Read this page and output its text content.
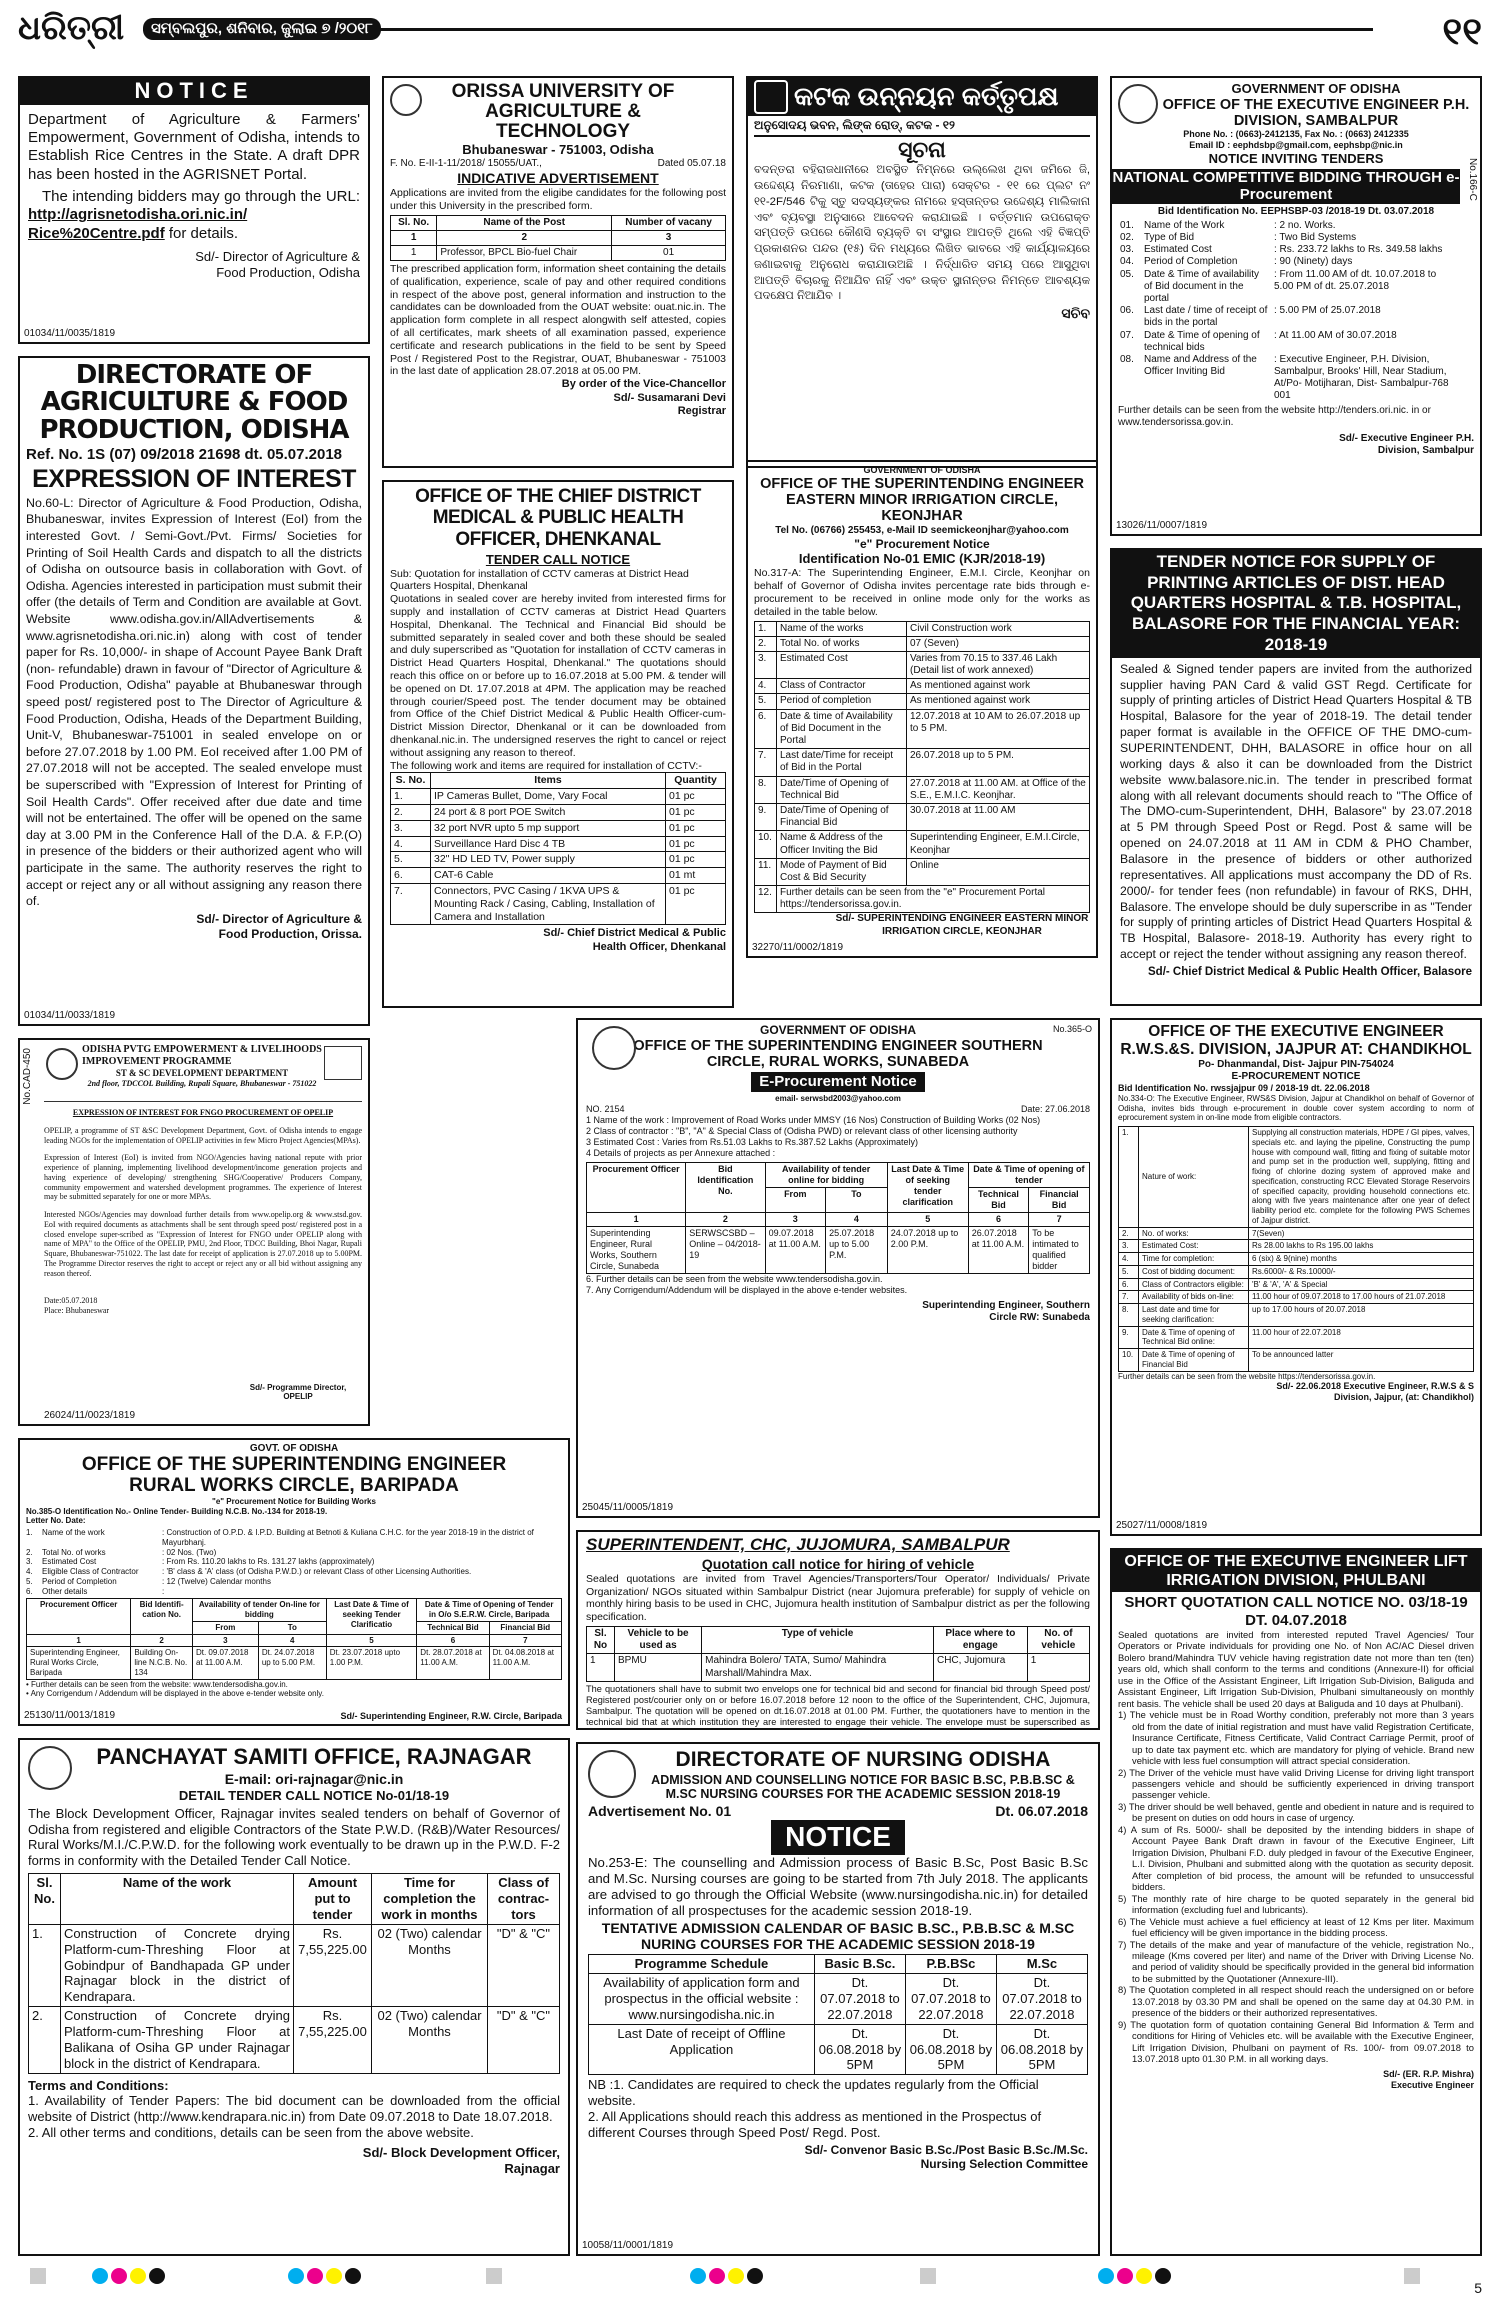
ଧରିତ୍ରୀ	ସମ୍ବଲପୁର, ଶନିବାର, ଜୁଲାଇ ୭ /୨୦୧୮	୧୧
NOTICE
Department of Agriculture & Farmers' Empowerment, Government of Odisha, intends to Establish Rice Centres in the State. A draft DPR has been hosted in the AGRISNET Portal.
The intending bidders may go through the URL: http://agrisnetodisha.ori.nic.in/ Rice%20Centre.pdf for details.
Sd/- Director of Agriculture & Food Production, Odisha
01034/11/0035/1819
DIRECTORATE OF AGRICULTURE & FOOD PRODUCTION, ODISHA
Ref. No. 1S (07) 09/2018 21698 dt. 05.07.2018
EXPRESSION OF INTEREST
No.60-L: Director of Agriculture & Food Production, Odisha, Bhubaneswar, invites Expression of Interest (EoI) from the interested Govt. / Semi-Govt./Pvt. Firms/ Societies for Printing of Soil Health Cards and dispatch to all the districts of Odisha on outsource basis in collaboration with Govt. of Odisha. Agencies interested in participation must submit their offer (the details of Term and Condition are available at Govt. Website www.odisha.gov.in/AllAdvertisements & www.agrisnetodisha.ori.nic.in) along with cost of tender paper for Rs. 10,000/- in shape of Account Payee Bank Draft (non- refundable) drawn in favour of "Director of Agriculture & Food Production, Odisha" payable at Bhubaneswar through speed post/ registered post to The Director of Agriculture & Food Production, Odisha, Heads of the Department Building, Unit-V, Bhubaneswar-751001 in sealed envelope on or before 27.07.2018 by 1.00 PM. EoI received after 1.00 PM of 27.07.2018 will not be accepted. The sealed envelope must be superscribed with "Expression of Interest for Printing of Soil Health Cards". Offer received after due date and time will not be entertained. The offer will be opened on the same day at 3.00 PM in the Conference Hall of the D.A. & F.P.(O) in presence of the bidders or their authorized agent who will participate in the same. The authority reserves the right to accept or reject any or all without assigning any reason there of.
Sd/- Director of Agriculture & Food Production, Orissa.
01034/11/0033/1819
No.CAD-450	ODISHA PVTG EMPOWERMENT & LIVELIHOODS IMPROVEMENT PROGRAMME
ST & SC DEVELOPMENT DEPARTMENT
2nd floor, TDCCOL Building, Rupali Square, Bhubaneswar - 751022
EXPRESSION OF INTEREST FOR FNGO PROCUREMENT OF OPELIP
OPELIP, a programme of ST &SC Development Department, Govt. of Odisha intends to engage leading NGOs for the implementation of OPELIP activities in few Micro Project Agencies(MPAs).
Expression of Interest (EoI) is invited from NGO/Agencies having national repute with prior experience of planning, implementing livelihood development/income generation projects and having experience of developing/ strengthening SHG/Cooperative/ Producers Company, community empowerment and watershed development programmes. The experience of Interest may be submitted separately for one or more MPAs.
Interested NGOs/Agencies may download further details from www.opelip.org & www.stsd.gov. EoI with required documents as attachments shall be sent through speed post/ registered post in a closed envelope super-scribed as "Expression of Interest for FNGO under OPELIP along with name of MPA" to the Office of the OPELIP, PMU, 2nd Floor, TDCC Building, Bhoi Nagar, Rupali Square, Bhubaneswar-751022. The last date for receipt of application is 27.07.2018 up to 5.00PM. The Programme Director reserves the right to accept or reject any or all bid without assigning any reason thereof.
Date:05.07.2018
Place: Bhubaneswar
Sd/- Programme Director, OPELIP
26024/11/0023/1819
GOVT. OF ODISHA
OFFICE OF THE SUPERINTENDING ENGINEER RURAL WORKS CIRCLE, BARIPADA
"e" Procurement Notice for Building Works
No.385-O Identification No.- Online Tender- Building N.C.B. No.-134 for 2018-19.
Letter No. Date:
1.	Name of the work	: Construction of O.P.D. & I.P.D. Building at Betnoti & Kuliana C.H.C. for the year 2018-19 in the district of Mayurbhanj.
2.	Total No. of works	: 02 Nos. (Two)
3.	Estimated Cost	: From Rs. 110.20 lakhs to Rs. 131.27 lakhs (approximately)
4.	Eligible Class of Contractor	: 'B' class & 'A' class (of Odisha P.W.D.) or relevant Class of other Licensing Authorities.
5.	Period of Completion	: 12 (Twelve) Calendar months
6.	Other details	:
Procurement Officer	Bid Identifi-cation No.	Availability of tender On-line for bidding		Last Date & Time of seeking Tender Clarificatio	Date & Time of Opening of Tender in O/o S.E.R.W. Circle, Baripada	
		From	To		Technical Bid	Financial Bid
1	2	3	4	5	6	7
Superintending Engineer, Rural Works Circle, Baripada	Building On-line N.C.B. No. 134	Dt. 09.07.2018 at 11.00 A.M.	Dt. 24.07.2018 up to 5.00 P.M.	Dt. 23.07.2018 upto 1.00 P.M.	Dt. 28.07.2018 at 11.00 A.M.	Dt. 04.08.2018 at 11.00 A.M.
• Further details can be seen from the website: www.tendersodisha.gov.in.
• Any Corrigendum / Addendum will be displayed in the above e-tender website only.
25130/11/0013/1819	Sd/- Superintending Engineer, R.W. Circle, Baripada
PANCHAYAT SAMITI OFFICE, RAJNAGAR
E-mail: ori-rajnagar@nic.in
DETAIL TENDER CALL NOTICE No-01/18-19
The Block Development Officer, Rajnagar invites sealed tenders on behalf of Governor of Odisha from registered and eligible Contractors of the State P.W.D. (R&B)/Water Resources/ Rural Works/M.I./C.P.W.D. for the following work eventually to be drawn up in the P.W.D. F-2 forms in conformity with the Detailed Tender Call Notice.
Sl. No.	Name of the work	Amount put to tender	Time for completion the work in months	Class of contrac-tors
1.	Construction of Concrete drying Platform-cum-Threshing Floor at Gobindpur of Bandhapada GP under Rajnagar block in the district of Kendrapara.	Rs. 7,55,225.00	02 (Two) calendar Months	"D" & "C"
2.	Construction of Concrete drying Platform-cum-Threshing Floor at Balikana of Osiha GP under Rajnagar block in the district of Kendrapara.	Rs. 7,55,225.00	02 (Two) calendar Months	"D" & "C"
Terms and Conditions:
1. Availability of Tender Papers: The bid document can be downloaded from the official website of District (http://www.kendrapara.nic.in) from Date 09.07.2018 to Date 18.07.2018.
2. All other terms and conditions, details can be seen from the above website.
Sd/- Block Development Officer, Rajnagar
ORISSA UNIVERSITY OF AGRICULTURE & TECHNOLOGY
Bhubaneswar - 751003, Odisha
F. No. E-II-1-11/2018/ 15055/UAT.,	Dated 05.07.18
INDICATIVE ADVERTISEMENT
Applications are invited from the eligibe candidates for the following post under this University in the prescribed form.
Sl. No.	Name of the Post	Number of vacany
1	2	3
1	Professor, BPCL Bio-fuel Chair	01
The prescribed application form, information sheet containing the details of qualification, experience, scale of pay and other required conditions in respect of the above post, general information and instruction to the candidates can be downloaded from the OUAT website: ouat.nic.in. The application form complete in all respect alongwith self attested, copies of all certificates, mark sheets of all examination passed, experience certificate and research publications in the field to be sent by Speed Post / Registered Post to the Registrar, OUAT, Bhubaneswar - 751003 in the last date of application 28.07.2018 at 05.00 PM.
By order of the Vice-Chancellor
Sd/- Susamarani Devi Registrar
OFFICE OF THE CHIEF DISTRICT MEDICAL & PUBLIC HEALTH OFFICER, DHENKANAL
TENDER CALL NOTICE
Sub: Quotation for installation of CCTV cameras at District Head Quarters Hospital, Dhenkanal
Quotations in sealed cover are hereby invited from interested firms for supply and installation of CCTV cameras at District Head Quarters Hospital, Dhenkanal. The Technical and Financial Bid should be submitted separately in sealed cover and both these should be sealed and duly superscribed as "Quotation for installation of CCTV cameras in District Head Quarters Hospital, Dhenkanal." The quotations should reach this office on or before up to 16.07.2018 at 5.00 PM. & tender will be opened on Dt. 17.07.2018 at 4PM. The application may be reached through courier/Speed post. The tender document may be obtained from Office of the Chief District Medical & Public Health Officer-cum-District Mission Director, Dhenkanal or it can be downloaded from dhenkanal.nic.in. The undersigned reserves the right to cancel or reject without assigning any reason to thereof.
The following work and items are required for installation of CCTV:-
S. No.	Items	Quantity
1.	IP Cameras Bullet, Dome, Vary Focal	01 pc
2.	24 port & 8 port POE Switch	01 pc
3.	32 port NVR upto 5 mp support	01 pc
4.	Surveillance Hard Disc 4 TB	01 pc
5.	32" HD LED TV, Power supply	01 pc
6.	CAT-6 Cable	01 mt
7.	Connectors, PVC Casing / 1KVA UPS & Mounting Rack / Casing, Cabling, Installation of Camera and Installation	01 pc
Sd/- Chief District Medical & Public Health Officer, Dhenkanal
କଟକ ଉନ୍ନୟନ କର୍ତ୍ତୃପକ୍ଷ
ଅନୁସୋଦୟ ଭବନ, ଲିଙ୍କ ରୋଡ୍, କଟକ - ୧୨
ସୂଚନା
ବଦନ୍ତରା ବହିରାଜଧାନୀରେ ଅବସ୍ଥିତ ନିମ୍ନରେ ଉଲ୍ଲେଖ ଥିବା ଜମିରେ ଜି, ଉଦ୍ଦେଶ୍ୟ ନିରମାଣା, କଟକ (ତାହେର ପାରା) ସେକ୍ଟର - ୧୧ ରେ ପ୍ଲଟ ନଂ ୧୧-2F/546 ଟିକୁ ସ୍ତୁ ସଦସ୍ୟଙ୍କର ନାମରେ ହସ୍ତାନ୍ତର ଉଦ୍ଦେଶ୍ୟ ମାଲିକାନା ଏବଂ ବ୍ୟବସ୍ଥା ଅନୁସାରେ ଆବେଦନ କରାଯାଇଛି । ବର୍ତ୍ତମାନ ଉପରୋକ୍ତ ସମ୍ପତ୍ତି ଉପରେ କୌଣସି ବ୍ୟକ୍ତି ବା ସଂସ୍ଥାର ଆପତ୍ତି ଥିଲେ ଏହି ବିଜ୍ଞପ୍ତି ପ୍ରକାଶନର ପନ୍ଦର (୧୫) ଦିନ ମଧ୍ୟରେ ଲିଖିତ ଭାବରେ ଏହି କାର୍ଯ୍ୟାଳୟରେ ଜଣାଇବାକୁ ଅନୁରୋଧ କରାଯାଉଅଛି । ନିର୍ଦ୍ଧାରିତ ସମୟ ପରେ ଆସୁଥିବା ଆପତ୍ତି ବିଚାରକୁ ନିଆଯିବ ନାହିଁ ଏବଂ ଉକ୍ତ ସ୍ଥାନାନ୍ତର ନିମନ୍ତେ ଆବଶ୍ୟକ ପଦକ୍ଷେପ ନିଆଯିବ ।
ସଚିବ
GOVERNMENT OF ODISHA
OFFICE OF THE SUPERINTENDING ENGINEER EASTERN MINOR IRRIGATION CIRCLE, KEONJHAR
Tel No. (06766) 255453, e-Mail ID seemickeonjhar@yahoo.com
"e" Procurement Notice
Identification No-01 EMIC (KJR/2018-19)
No.317-A: The Superintending Engineer, E.M.I. Circle, Keonjhar on behalf of Governor of Odisha invites percentage rate bids through e-procurement to be received in online mode only for the works as detailed in the table below.
1.	Name of the works	Civil Construction work
2.	Total No. of works	07 (Seven)
3.	Estimated Cost	Varies from 70.15 to 337.46 Lakh (Detail list of work annexed)
4.	Class of Contractor	As mentioned against work
5.	Period of completion	As mentioned against work
6.	Date & time of Availability of Bid Document in the Portal	12.07.2018 at 10 AM to 26.07.2018 up to 5 PM.
7.	Last date/Time for receipt of Bid in the Portal	26.07.2018 up to 5 PM.
8.	Date/Time of Opening of Technical Bid	27.07.2018 at 11.00 AM. at Office of the S.E., E.M.I.C. Keonjhar.
9.	Date/Time of Opening of Financial Bid	30.07.2018 at 11.00 AM
10.	Name & Address of the Officer Inviting the Bid	Superintending Engineer, E.M.I.Circle, Keonjhar
11.	Mode of Payment of Bid Cost & Bid Security	Online
12.	Further details can be seen from the "e" Procurement Portal https://tendersorissa.gov.in.	
Sd/- SUPERINTENDING ENGINEER EASTERN MINOR IRRIGATION CIRCLE, KEONJHAR
32270/11/0002/1819
No.365-O
GOVERNMENT OF ODISHA
OFFICE OF THE SUPERINTENDING ENGINEER SOUTHERN CIRCLE, RURAL WORKS, SUNABEDA
E-Procurement Notice
email- serwsbd2003@yahoo.com
NO. 2154	Date: 27.06.2018
1 Name of the work : Improvement of Road Works under MMSY (16 Nos) Construction of Building Works (02 Nos)
2 Class of contractor : "B", "A" & Special Class of (Odisha PWD) or relevant class of other licensing authority
3 Estimated Cost : Varies from Rs.51.03 Lakhs to Rs.387.52 Lakhs (Approximately)
4 Details of projects as per Annexure attached :
Procurement Officer	Bid Identification No.	Availability of tender online for bidding		Last Date & Time of seeking tender clarification	Date & Time of opening of tender	
		From	To		Technical Bid	Financial Bid
1	2	3	4	5	6	7
Superintending Engineer, Rural Works, Southern Circle, Sunabeda	SERWSCSBD – Online – 04/2018- 19	09.07.2018 at 11.00 A.M.	25.07.2018 up to 5.00 P.M.	24.07.2018 up to 2.00 P.M.	26.07.2018 at 11.00 A.M.	To be intimated to qualified bidder
6. Further details can be seen from the website www.tendersodisha.gov.in.
7. Any Corrigendum/Addendum will be displayed in the above e-tender websites.
Superintending Engineer, Southern Circle RW: Sunabeda
25045/11/0005/1819
SUPERINTENDENT, CHC, JUJOMURA, SAMBALPUR
Quotation call notice for hiring of vehicle
Sealed quotations are invited from Travel Agencies/Transporters/Tour Operator/ Individuals/ Private Organization/ NGOs situated within Sambalpur District (near Jujomura preferable) for supply of vehicle on monthly hiring basis to be used in CHC, Jujomura health institution of Sambalpur district as per the following specification.
Sl. No	Vehicle to be used as	Type of vehicle	Place where to engage	No. of vehicle
1	BPMU	Mahindra Bolero/ TATA, Sumo/ Mahindra Marshall/Mahindra Max.	CHC, Jujomura	1
The quotationers shall have to submit two envelops one for technical bid and second for financial bid through Speed post/ Registered post/courier only on or before 16.07.2018 before 12 noon to the office of the Superintendent, CHC, Jujomura, Sambalpur. The quotation will be opened on dt.16.07.2018 at 01.00 PM. Further, the quotationers have to mention in the technical bid that at which institution they are interested to engage their vehicle. The envelope must be superscribed as
DIRECTORATE OF NURSING ODISHA
ADMISSION AND COUNSELLING NOTICE FOR BASIC B.SC, P.B.B.SC & M.SC NURSING COURSES FOR THE ACADEMIC SESSION 2018-19
Advertisement No. 01	Dt. 06.07.2018
NOTICE
No.253-E: The counselling and Admission process of Basic B.Sc, Post Basic B.Sc and M.Sc. Nursing courses are going to be started from 7th July 2018. The applicants are advised to go through the Official Website (www.nursingodisha.nic.in) for detailed information of all prospectuses for the academic session 2018-19.
TENTATIVE ADMISSION CALENDAR OF BASIC B.SC., P.B.B.SC & M.SC NURING COURSES FOR THE ACADEMIC SESSION 2018-19
Programme Schedule	Basic B.Sc.	P.B.BSc	M.Sc
Availability of application form and prospectus in the official website : www.nursingodisha.nic.in	Dt. 07.07.2018 to 22.07.2018	Dt. 07.07.2018 to 22.07.2018	Dt. 07.07.2018 to 22.07.2018
Last Date of receipt of Offline Application	Dt. 06.08.2018 by 5PM	Dt. 06.08.2018 by 5PM	Dt. 06.08.2018 by 5PM
NB :1. Candidates are required to check the updates regularly from the Official website.
2. All Applications should reach this address as mentioned in the Prospectus of different Courses through Speed Post/ Regd. Post.
Sd/- Convenor Basic B.Sc./Post Basic B.Sc./M.Sc. Nursing Selection Committee
10058/11/0001/1819
No.166-C
GOVERNMENT OF ODISHA
OFFICE OF THE EXECUTIVE ENGINEER P.H. DIVISION, SAMBALPUR
Phone No. : (0663)-2412135, Fax No. : (0663) 2412335
Email ID : eephdsbp@gmail.com, eephsbp@nic.in
NOTICE INVITING TENDERS
NATIONAL COMPETITIVE BIDDING THROUGH e-Procurement
Bid Identification No. EEPHSBP-03 /2018-19 Dt. 03.07.2018
01.	Name of the Work	: 2 no. Works.
02.	Type of Bid	: Two Bid Systems
03.	Estimated Cost	: Rs. 233.72 lakhs to Rs. 349.58 lakhs
04.	Period of Completion	: 90 (Ninety) days
05.	Date & Time of availability of Bid document in the portal	: From 11.00 AM of dt. 10.07.2018 to 5.00 PM of dt. 25.07.2018
06.	Last date / time of receipt of bids in the portal	: 5.00 PM of 25.07.2018
07.	Date & Time of opening of technical bids	: At 11.00 AM of 30.07.2018
08.	Name and Address of the Officer Inviting Bid	: Executive Engineer, P.H. Division, Sambalpur, Brooks' Hill, Near Stadium, At/Po- Motijharan, Dist- Sambalpur-768 001
Further details can be seen from the website http://tenders.ori.nic. in or www.tendersorissa.gov.in.
Sd/- Executive Engineer P.H. Division, Sambalpur
13026/11/0007/1819
TENDER NOTICE FOR SUPPLY OF PRINTING ARTICLES OF DIST. HEAD QUARTERS HOSPITAL & T.B. HOSPITAL, BALASORE FOR THE FINANCIAL YEAR: 2018-19
Sealed & Signed tender papers are invited from the authorized supplier having PAN Card & valid GST Regd. Certificate for supply of printing articles of District Head Quarters Hospital & TB Hospital, Balasore for the year of 2018-19. The detail tender paper format is available in the OFFICE OF THE DMO-cum-SUPERINTENDENT, DHH, BALASORE in office hour on all working days & also it can be downloaded from the District website www.balasore.nic.in. The tender in prescribed format along with all relevant documents should reach to "The Office of The DMO-cum-Superintendent, DHH, Balasore" by 23.07.2018 at 5 PM through Speed Post or Regd. Post & same will be opened on 24.07.2018 at 11 AM in CDM & PHO Chamber, Balasore in the presence of bidders or other authorized representatives. All applications must accompany the DD of Rs. 2000/- for tender fees (non refundable) in favour of RKS, DHH, Balasore. The envelope should be duly superscribe in as "Tender for supply of printing articles of District Head Quarters Hospital & TB Hospital, Balasore- 2018-19. Authority has every right to accept or reject the tender without assigning any reason thereof.
Sd/- Chief District Medical & Public Health Officer, Balasore
OFFICE OF THE EXECUTIVE ENGINEER R.W.S.&S. DIVISION, JAJPUR AT: CHANDIKHOL
Po- Dhanmandal, Dist- Jajpur PIN-754024
E-PROCUREMENT NOTICE
Bid Identification No. rwssjajpur 09 / 2018-19 dt. 22.06.2018
No.334-O: The Executive Engineer, RWS&S Division, Jajpur at Chandikhol on behalf of Governor of Odisha, invites bids through e-procurement in double cover system according to norm of eprocurement system in on-line mode from eligible contractors.
1.	Nature of work:	Supplying all construction materials, HDPE / GI pipes, valves, specials etc. and laying the pipeline, Constructing the pump house with compound wall, fitting and fixing of suitable motor and pump set in the production well, supplying, fitting and fixing of chlorine dozing system of approved make and specification, constructing RCC Elevated Storage Reservoirs of specified capacity, providing household connections etc. along with five years maintenance after one year of defect liability period etc. complete for the following PWS Schemes of Jajpur district.
2.	No. of works:	7(Seven)
3.	Estimated Cost:	Rs 28.00 lakhs to Rs 195.00 lakhs
4.	Time for completion:	6 (six) & 9(nine) months
5.	Cost of bidding document:	Rs.6000/- & Rs.10000/-
6.	Class of Contractors eligible:	'B' & 'A', 'A' & Special
7.	Availability of bids on-line:	11.00 hour of 09.07.2018 to 17.00 hours of 21.07.2018
8.	Last date and time for seeking clarification:	up to 17.00 hours of 20.07.2018
9.	Date & Time of opening of Technical Bid online:	11.00 hour of 22.07.2018
10.	Date & Time of opening of Financial Bid	To be announced latter
Further details can be seen from the website https://tendersorissa.gov.in.
Sd/- 22.06.2018 Executive Engineer, R.W.S & S Division, Jajpur, (at: Chandikhol)
25027/11/0008/1819
OFFICE OF THE EXECUTIVE ENGINEER LIFT IRRIGATION DIVISION, PHULBANI
SHORT QUOTATION CALL NOTICE NO. 03/18-19 DT. 04.07.2018
Sealed quotations are invited from interested reputed Travel Agencies/ Tour Operators or Private individuals for providing one No. of Non AC/AC Diesel driven Bolero brand/Mahindra TUV vehicle having registration date not more than ten (ten) years old, which shall conform to the terms and conditions (Annexure-II) for official use in the Office of the Assistant Engineer, Lift Irrigation Sub-Division, Baliguda and Assistant Engineer, Lift Irrigation Sub-Division, Phulbani simultaneously on monthly rent basis. The vehicle shall be used 20 days at Baliguda and 10 days at Phulbani).
1) The vehicle must be in Road Worthy condition, preferably not more than 3 years old from the date of initial registration and must have valid Registration Certificate, Insurance Certificate, Fitness Certificate, Valid Contract Carriage Permit, proof of up to date tax payment etc. which are mandatory for plying of vehicle. Brand new vehicle with less fuel consumption will attract special consideration.
2) The Driver of the vehicle must have valid Driving License for driving light transport passengers vehicle and should be sufficiently experienced in driving transport passenger vehicle.
3) The driver should be well behaved, gentle and obedient in nature and is required to be present on duties on odd hours in case of urgency.
4) A sum of Rs. 5000/- shall be deposited by the intending bidders in shape of Account Payee Bank Draft drawn in favour of the Executive Engineer, Lift Irrigation Division, Phulbani F.D. duly pledged in favour of the Executive Engineer, L.I. Division, Phulbani and submitted along with the quotation as security deposit. After completion of bid process, the amount will be refunded to unsuccessful bidders.
5) The monthly rate of hire charge to be quoted separately in the general bid information (excluding fuel and lubricants).
6) The Vehicle must achieve a fuel efficiency at least of 12 Kms per liter. Maximum fuel efficiency will be given importance in the bidding process.
7) The details of the make and year of manufacture of the vehicle, registration No., mileage (Kms covered per liter) and name of the Driver with Driving License No. and period of validity should be specifically provided in the general bid information to be submitted by the Quotationer (Annexure-III).
8) The Quotation completed in all respect should reach the undersigned on or before 13.07.2018 by 03.30 PM and shall be opened on the same day at 04.30 P.M. in presence of the bidders or their authorized representatives.
9) The quotation form of quotation containing General Bid Information & Term and conditions for Hiring of Vehicles etc. will be available with the Executive Engineer, Lift Irrigation Division, Phulbani on payment of Rs. 100/- from 09.07.2018 to 13.07.2018 upto 01.30 P.M. in all working days.
Sd/- (ER. R.P. Mishra) Executive Engineer
5
